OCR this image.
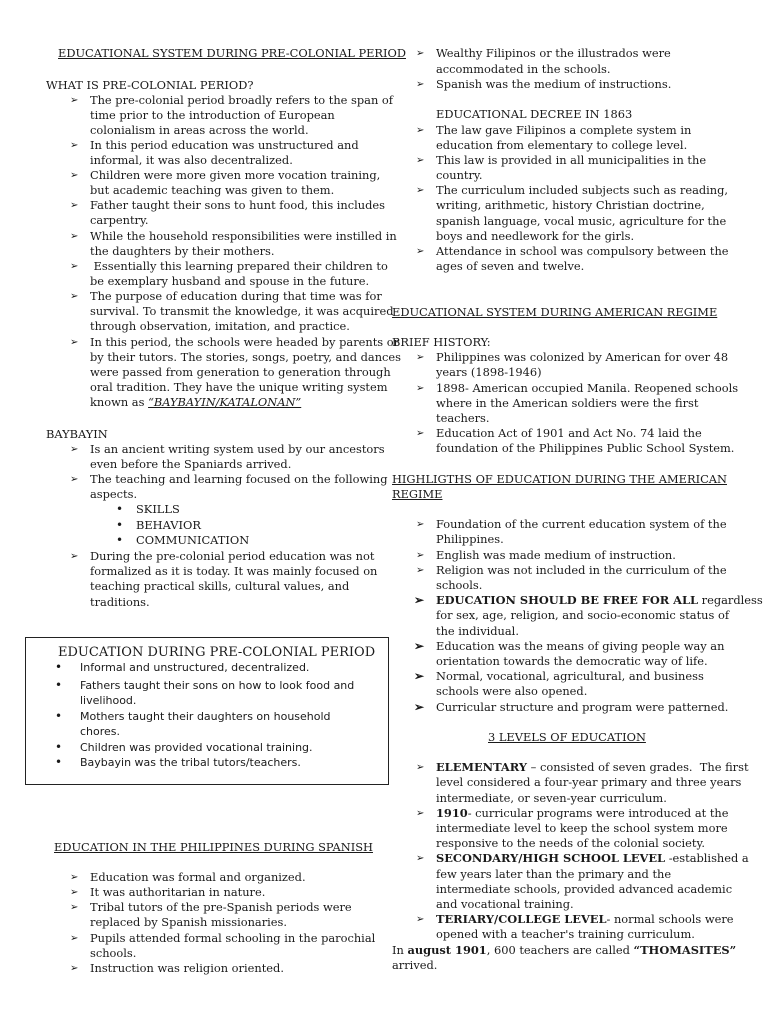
EDUCATIONAL SYSTEM DURING PRE-COLONIAL PERIOD
WHAT IS PRE-COLONIAL PERIOD?
➢ The pre-colonial period broadly refers to the span of
time prior to the introduction of European
colonialism in areas across the world.
➢ In this period education was unstructured and
informal, it was also decentralized.
➢ Children were more given more vocation training,
but academic teaching was given to them.
➢ Father taught their sons to hunt food, this includes
carpentry.
➢ While the household responsibilities were instilled in
the daughters by their mothers.
➢ Essentially this learning prepared their children to
be exemplary husband and spouse in the future.
➢ The purpose of education during that time was for
survival. To transmit the knowledge, it was acquired
through observation, imitation, and practice.
➢ In this period, the schools were headed by parents or
by their tutors. The stories, songs, poetry, and dances
were passed from generation to generation through
oral tradition. They have the unique writing system
known as “BAYBAYIN/KATALONAN”
BAYBAYIN
➢ Is an ancient writing system used by our ancestors
even before the Spaniards arrived.
➢ The teaching and learning focused on the following
aspects.
• SKILLS
• BEHAVIOR
• COMMUNICATION
➢ During the pre-colonial period education was not
formalized as it is today. It was mainly focused on
teaching practical skills, cultural values, and
traditions.
EDUCATION DURING PRE-COLONIAL PERIOD
• Informal and unstructured, decentralized.
• Fathers taught their sons on how to look food and
livelihood.
• Mothers taught their daughters on household
chores.
• Children was provided vocational training.
• Baybayin was the tribal tutors/teachers.
EDUCATION IN THE PHILIPPINES DURING SPANISH
➢ Education was formal and organized.
➢ It was authoritarian in nature.
➢ Tribal tutors of the pre-Spanish periods were
replaced by Spanish missionaries.
➢ Pupils attended formal schooling in the parochial
schools.
➢ Instruction was religion oriented.
➢ Wealthy Filipinos or the illustrados were
accommodated in the schools.
➢ Spanish was the medium of instructions.
EDUCATIONAL DECREE IN 1863
➢ The law gave Filipinos a complete system in
education from elementary to college level.
➢ This law is provided in all municipalities in the
country.
➢ The curriculum included subjects such as reading,
writing, arithmetic, history Christian doctrine,
spanish language, vocal music, agriculture for the
boys and needlework for the girls.
➢ Attendance in school was compulsory between the
ages of seven and twelve.
EDUCATIONAL SYSTEM DURING AMERICAN REGIME
BRIEF HISTORY:
➢ Philippines was colonized by American for over 48
years (1898-1946)
➢ 1898- American occupied Manila. Reopened schools
where in the American soldiers were the first
teachers.
➢ Education Act of 1901 and Act No. 74 laid the
foundation of the Philippines Public School System.
HIGHLIGTHS OF EDUCATION DURING THE AMERICAN
REGIME
➢ Foundation of the current education system of the
Philippines.
➢ English was made medium of instruction.
➢ Religion was not included in the curriculum of the
schools.
➢ EDUCATION SHOULD BE FREE FOR ALL regardless
for sex, age, religion, and socio-economic status of
the individual.
➢ Education was the means of giving people way an
orientation towards the democratic way of life.
➢ Normal, vocational, agricultural, and business
schools were also opened.
➢ Curricular structure and program were patterned.
3 LEVELS OF EDUCATION
➢ ELEMENTARY – consisted of seven grades.  The first
level considered a four-year primary and three years
intermediate, or seven-year curriculum.
➢ 1910- curricular programs were introduced at the
intermediate level to keep the school system more
responsive to the needs of the colonial society.
➢ SECONDARY/HIGH SCHOOL LEVEL -established a
few years later than the primary and the
intermediate schools, provided advanced academic
and vocational training.
➢ TERIARY/COLLEGE LEVEL- normal schools were
opened with a teacher's training curriculum.
In august 1901, 600 teachers are called “THOMASITES”
arrived.
